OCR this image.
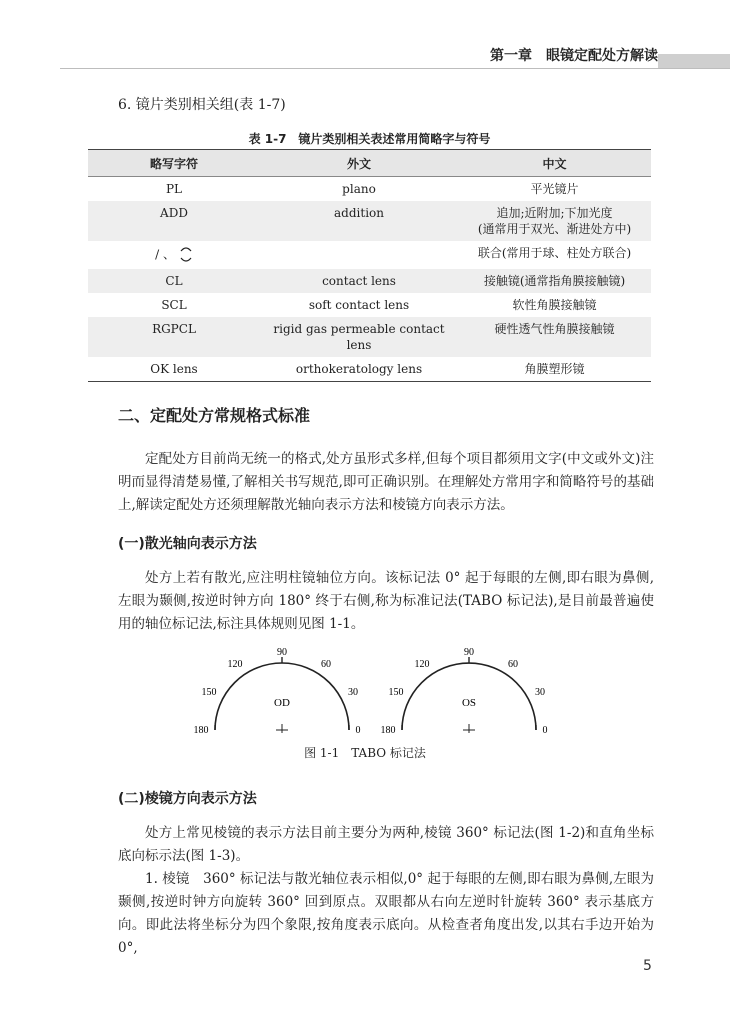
第一章　眼镜定配处方解读
6. 镜片类别相关组(表 1-7)
表 1-7　镜片类别相关表述常用简略字与符号
略写字符	外文	中文
PL	plano	平光镜片
ADD	addition	追加;近附加;下加光度
(通常用于双光、渐进处方中)

/ 、		联合(常用于球、柱处方联合)
CL	contact lens	接触镜(通常指角膜接触镜)
SCL	soft contact lens	软性角膜接触镜
RGPCL	rigid gas permeable contact lens	硬性透气性角膜接触镜
OK lens	orthokeratology lens	角膜塑形镜
二、定配处方常规格式标准

定配处方目前尚无统一的格式,处方虽形式多样,但每个项目都须用文字(中文或外文)注明而显得清楚易懂,了解相关书写规范,即可正确识别。在理解处方常用字和简略符号的基础上,解读定配处方还须理解散光轴向表示方法和棱镜方向表示方法。

(一)散光轴向表示方法

处方上若有散光,应注明柱镜轴位方向。该标记法 0° 起于每眼的左侧,即右眼为鼻侧,左眼为颞侧,按逆时钟方向 180° 终于右侧,称为标准记法(TABO 标记法),是目前最普遍使用的轴位标记法,标注具体规则见图 1-1。

OD
90
60
120
30
150
0
180
OS
90
60
120
30
150
0
180
图 1-1　TABO 标记法
(二)棱镜方向表示方法

处方上常见棱镜的表示方法目前主要分为两种,棱镜 360° 标记法(图 1-2)和直角坐标底向标示法(图 1-3)。

1. 棱镜　360° 标记法与散光轴位表示相似,0° 起于每眼的左侧,即右眼为鼻侧,左眼为颞侧,按逆时钟方向旋转 360° 回到原点。双眼都从右向左逆时针旋转 360° 表示基底方向。即此法将坐标分为四个象限,按角度表示底向。从检查者角度出发,以其右手边开始为 0°,

5
